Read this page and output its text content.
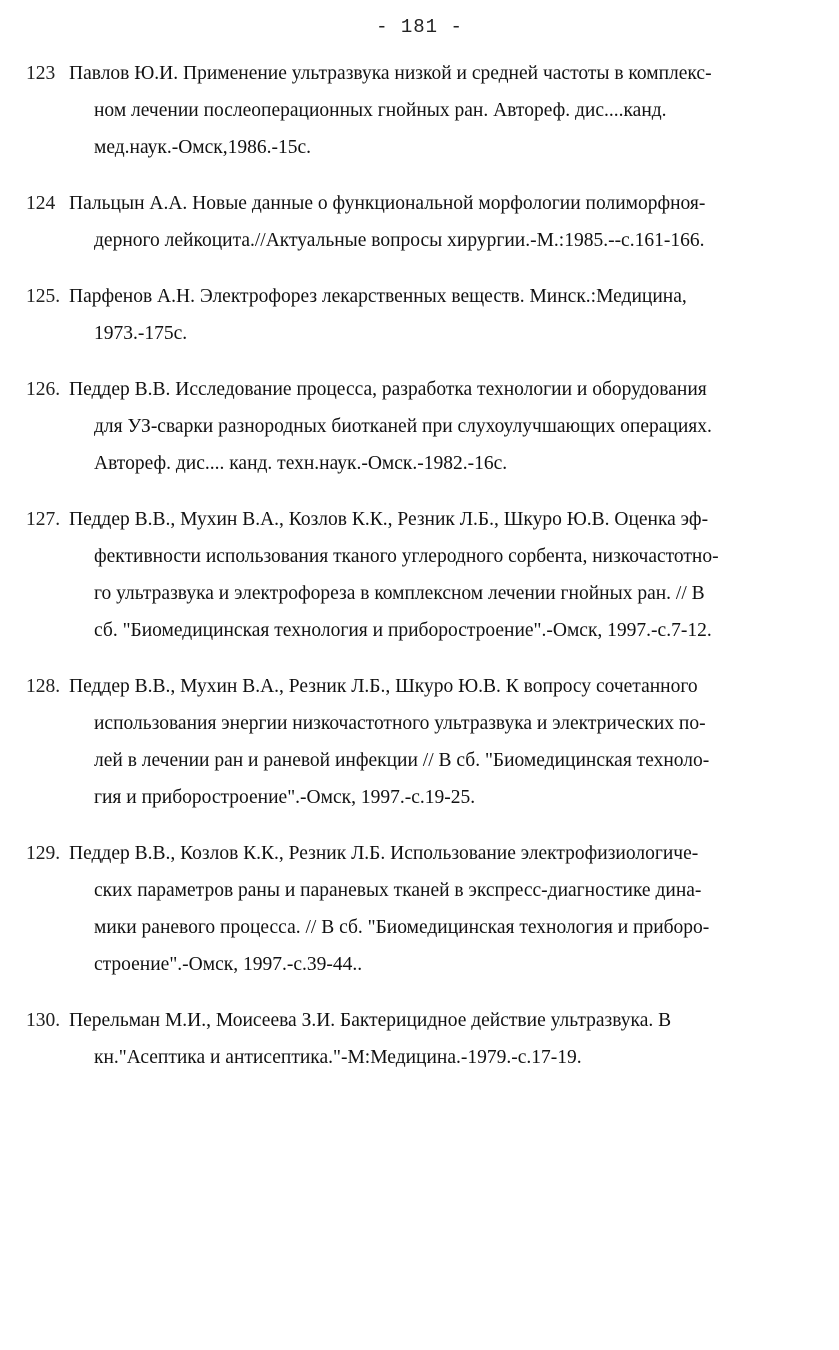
- 181 -
123 Павлов Ю.И. Применение ультразвука низкой и средней частоты в комплекс-
ном лечении послеоперационных гнойных ран. Автореф. дис....канд.
мед.наук.-Омск,1986.-15с.
124 Пальцын А.А. Новые данные о функциональной морфологии полиморфноя-
дерного лейкоцита.//Актуальные вопросы хирургии.-М.:1985.--с.161-166.
125. Парфенов А.Н. Электрофорез лекарственных веществ. Минск.:Медицина,
1973.-175с.
126. Педдер В.В. Исследование процесса, разработка технологии и оборудования
для УЗ-сварки разнородных биотканей при слухоулучшающих операциях.
Автореф. дис.... канд. техн.наук.-Омск.-1982.-16с.
127. Педдер В.В., Мухин В.А., Козлов К.К., Резник Л.Б., Шкуро Ю.В. Оценка эф-
фективности использования тканого углеродного сорбента, низкочастотно-
го ультразвука и электрофореза в комплексном лечении гнойных ран. // В
сб. "Биомедицинская технология и приборостроение".-Омск, 1997.-с.7-12.
128. Педдер В.В., Мухин В.А., Резник Л.Б., Шкуро Ю.В. К вопросу сочетанного
использования энергии низкочастотного ультразвука и электрических по-
лей в лечении ран и раневой инфекции // В сб. "Биомедицинская техноло-
гия и приборостроение".-Омск, 1997.-с.19-25.
129. Педдер В.В., Козлов К.К., Резник Л.Б. Использование электрофизиологиче-
ских параметров раны и параневых тканей в экспресс-диагностике дина-
мики раневого процесса. // В сб. "Биомедицинская технология и приборо-
строение".-Омск, 1997.-с.39-44..
130. Перельман М.И., Моисеева З.И. Бактерицидное действие ультразвука. В
кн."Асептика и антисептика."-М:Медицина.-1979.-с.17-19.
